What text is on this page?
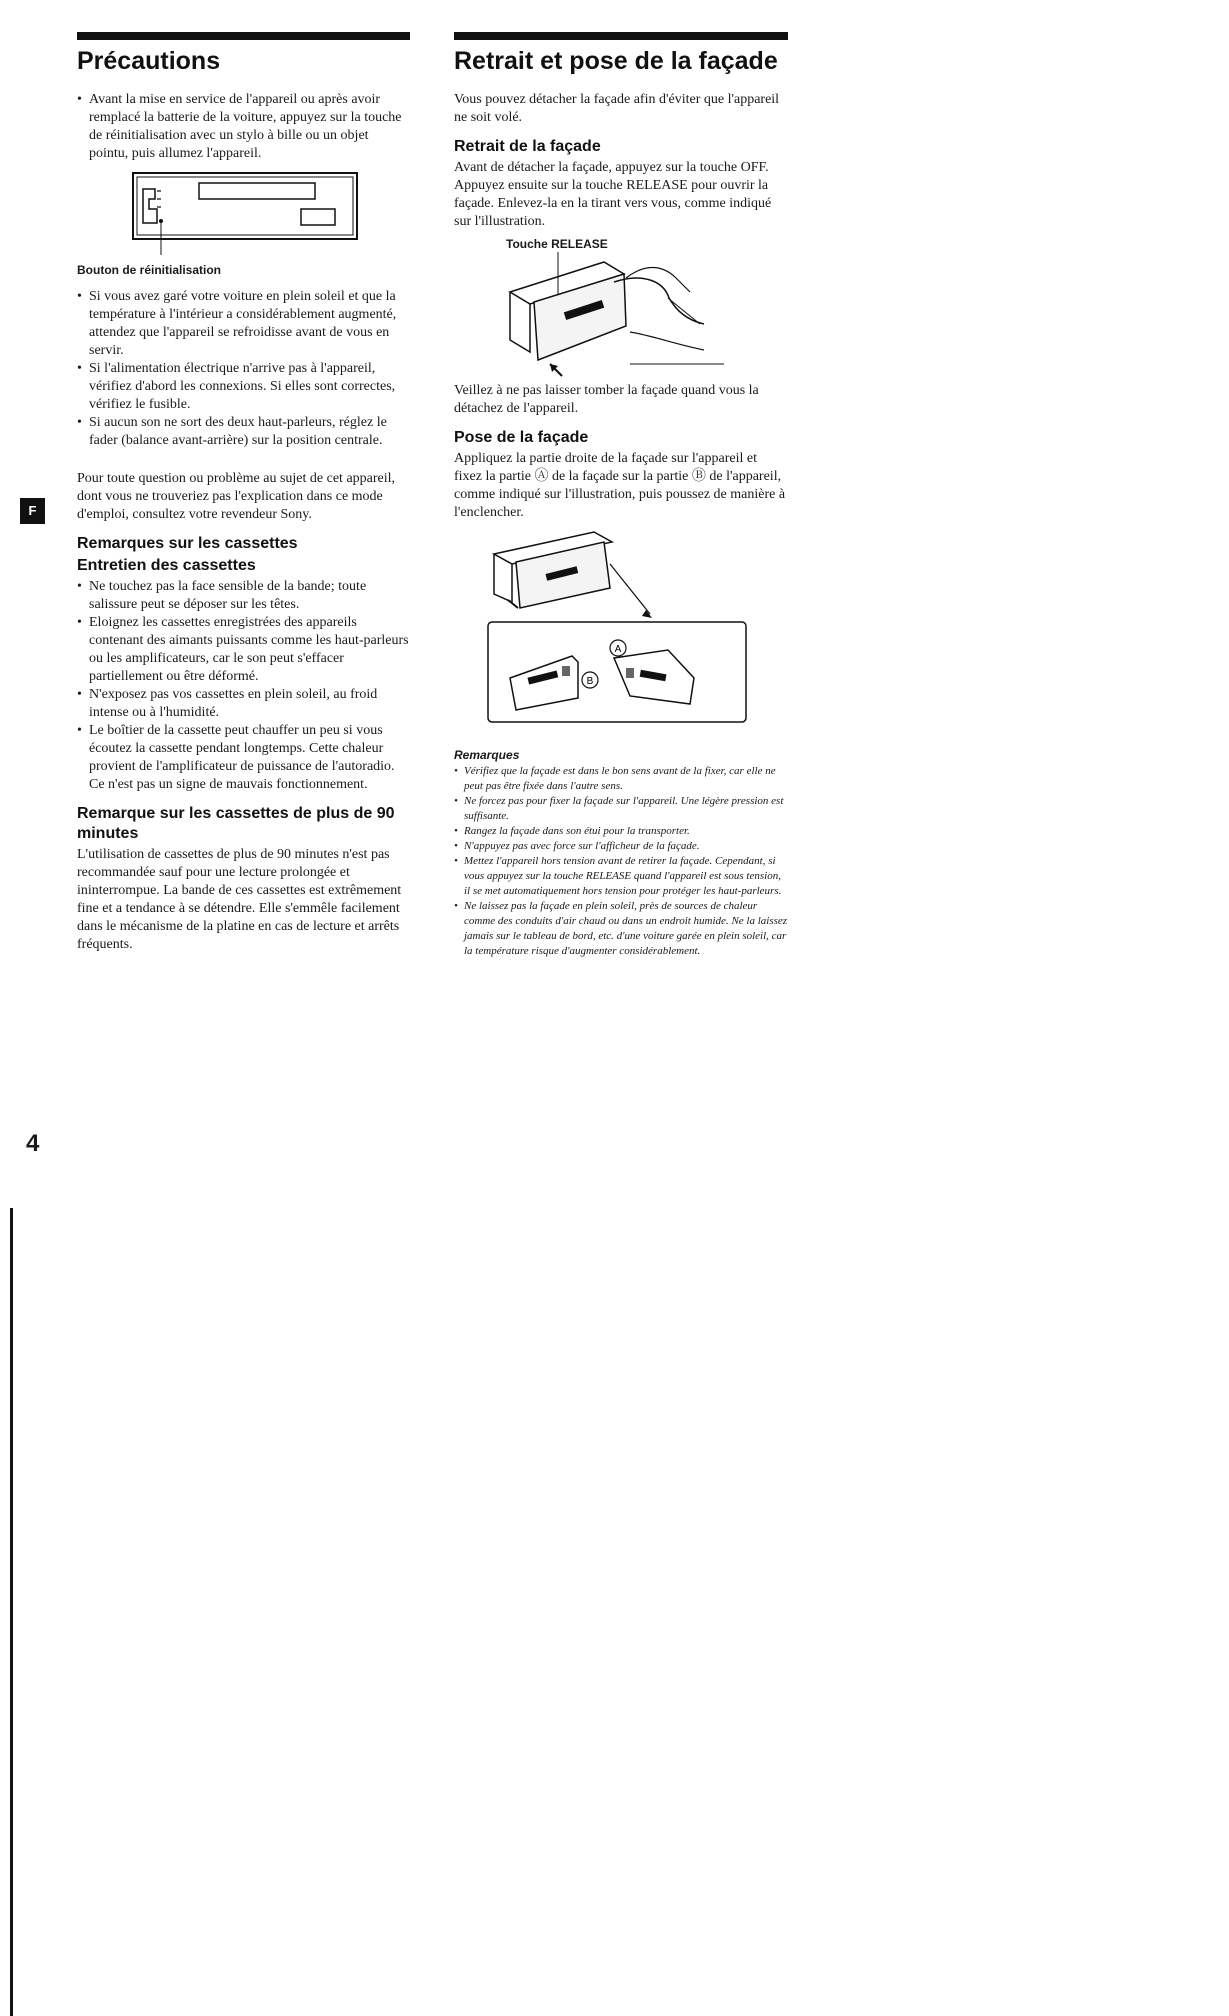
F
Précautions
• Avant la mise en service de l'appareil ou après avoir remplacé la batterie de la voiture, appuyez sur la touche de réinitialisation avec un stylo à bille ou un objet pointu, puis allumez l'appareil.
Bouton de réinitialisation
• Si vous avez garé votre voiture en plein soleil et que la température à l'intérieur a considérablement augmenté, attendez que l'appareil se refroidisse avant de vous en servir.
• Si l'alimentation électrique n'arrive pas à l'appareil, vérifiez d'abord les connexions. Si elles sont correctes, vérifiez le fusible.
• Si aucun son ne sort des deux haut-parleurs, réglez le fader (balance avant-arrière) sur la position centrale.

Pour toute question ou problème au sujet de cet appareil, dont vous ne trouveriez pas l'explication dans ce mode d'emploi, consultez votre revendeur Sony.

Remarques sur les cassettes
Entretien des cassettes
• Ne touchez pas la face sensible de la bande; toute salissure peut se déposer sur les têtes.
• Eloignez les cassettes enregistrées des appareils contenant des aimants puissants comme les haut-parleurs ou les amplificateurs, car le son peut s'effacer partiellement ou être déformé.
• N'exposez pas vos cassettes en plein soleil, au froid intense ou à l'humidité.
• Le boîtier de la cassette peut chauffer un peu si vous écoutez la cassette pendant longtemps. Cette chaleur provient de l'amplificateur de puissance de l'autoradio. Ce n'est pas un signe de mauvais fonctionnement.
Remarque sur les cassettes de plus de 90 minutes

L'utilisation de cassettes de plus de 90 minutes n'est pas recommandée sauf pour une lecture prolongée et ininterrompue. La bande de ces cassettes est extrêmement fine et a tendance à se détendre. Elle s'emmêle facilement dans le mécanisme de la platine en cas de lecture et arrêts fréquents.

Retrait et pose de la façade

Vous pouvez détacher la façade afin d'éviter que l'appareil ne soit volé.

Retrait de la façade

Avant de détacher la façade, appuyez sur la touche OFF. Appuyez ensuite sur la touche RELEASE pour ouvrir la façade. Enlevez-la en la tirant vers vous, comme indiqué sur l'illustration.

Touche RELEASE

Veillez à ne pas laisser tomber la façade quand vous la détachez de l'appareil.

Pose de la façade

Appliquez la partie droite de la façade sur l'appareil et fixez la partie Ⓐ de la façade sur la partie Ⓑ de l'appareil, comme indiqué sur l'illustration, puis poussez de manière à l'enclencher.

B
A
Remarques
• Vérifiez que la façade est dans le bon sens avant de la fixer, car elle ne peut pas être fixée dans l'autre sens.
• Ne forcez pas pour fixer la façade sur l'appareil. Une légère pression est suffisante.
• Rangez la façade dans son étui pour la transporter.
• N'appuyez pas avec force sur l'afficheur de la façade.
• Mettez l'appareil hors tension avant de retirer la façade. Cependant, si vous appuyez sur la touche RELEASE quand l'appareil est sous tension, il se met automatiquement hors tension pour protéger les haut-parleurs.
• Ne laissez pas la façade en plein soleil, près de sources de chaleur comme des conduits d'air chaud ou dans un endroit humide. Ne la laissez jamais sur le tableau de bord, etc. d'une voiture garée en plein soleil, car la température risque d'augmenter considérablement.
4
